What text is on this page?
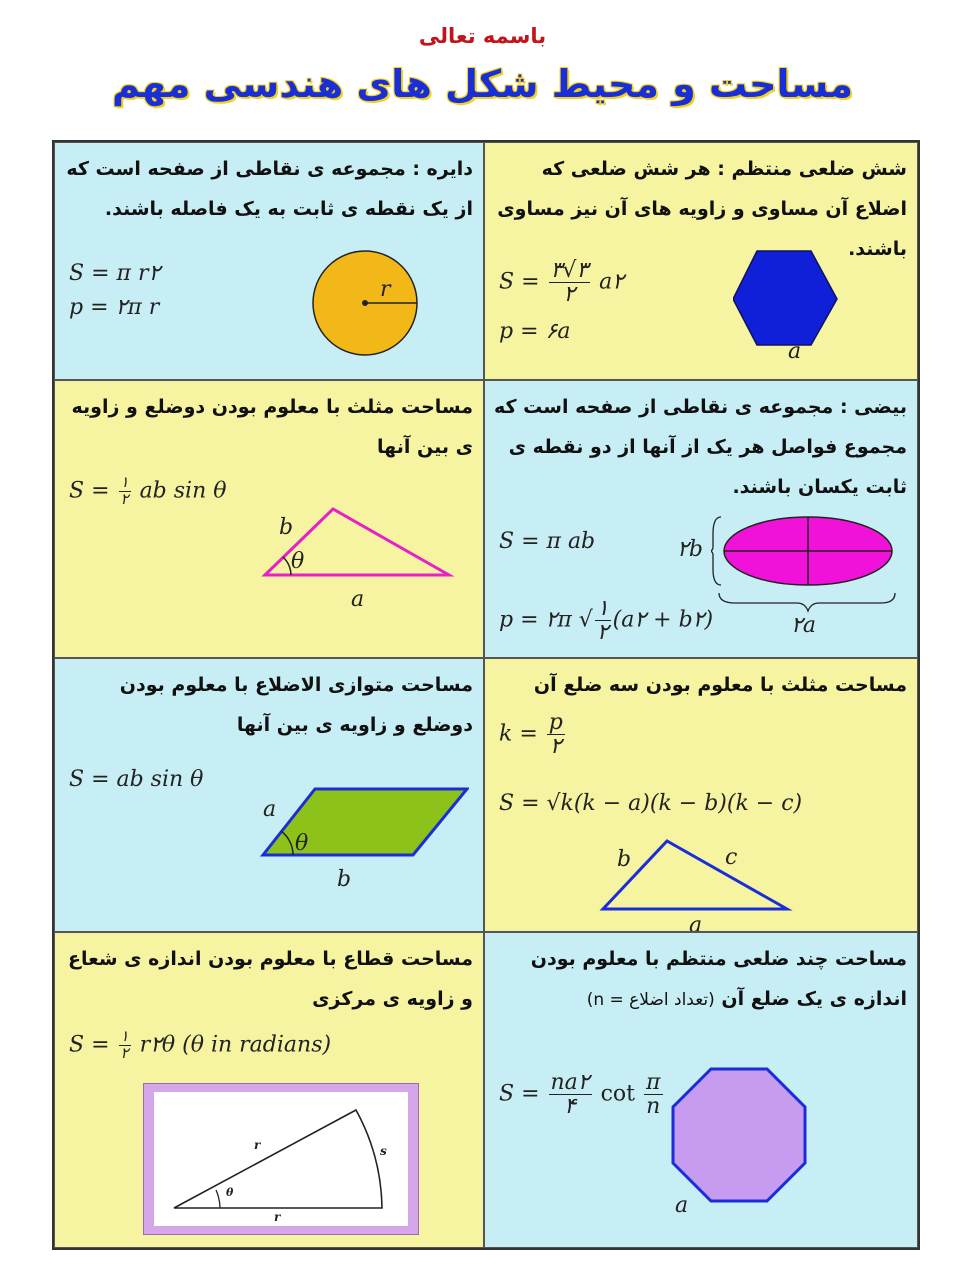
باسمه تعالی
مساحت و محیط شکل های هندسی مهم
شش ضلعی منتظم : هر شش ضلعی که اضلاع آن مساوی و زاویه های آن نیز مساوی باشند.
$S = \frac{۳√۳}{۲}$ a۲
p = ۶a
a
دایره : مجموعه ی نقاطی از صفحه است که از یک نقطه ی ثابت به یک فاصله باشند.
S = π r۲
p = ۲π r
r
بیضی : مجموعه ی نقاطی از صفحه است که مجموع فواصل هر یک از آنها از دو نقطه ی ثابت یکسان باشند.
S = π ab
p = ۲π √ $\frac{۱}{۲}$ (a۲ + b۲)
۲b
۲a
مساحت مثلث با معلوم بودن دوضلع و زاویه ی بین آنها
$S = \frac{۱}{۲}$ ab sin θ
b
θ
a
مساحت مثلث با معلوم بودن سه ضلع آن
$k = \frac{p}{۲}$
S = √k(k − a)(k − b)(k − c)
b	c
a
مساحت متوازی الاضلاع با معلوم بودن دوضلع و زاویه ی بین آنها
S = ab sin θ
a
θ
b
مساحت چند ضلعی منتظم با معلوم بودن اندازه ی یک ضلع آن (تعداد اضلاع = n)
$S = \frac{na۲}{۴}$ $\cot \frac{\pi}{n}$
a
مساحت قطاع با معلوم بودن اندازه ی شعاع و زاویه ی مرکزی
$S = \frac{۱}{۲}$ r۲θ (θ in radians)
r	s
θ
r
